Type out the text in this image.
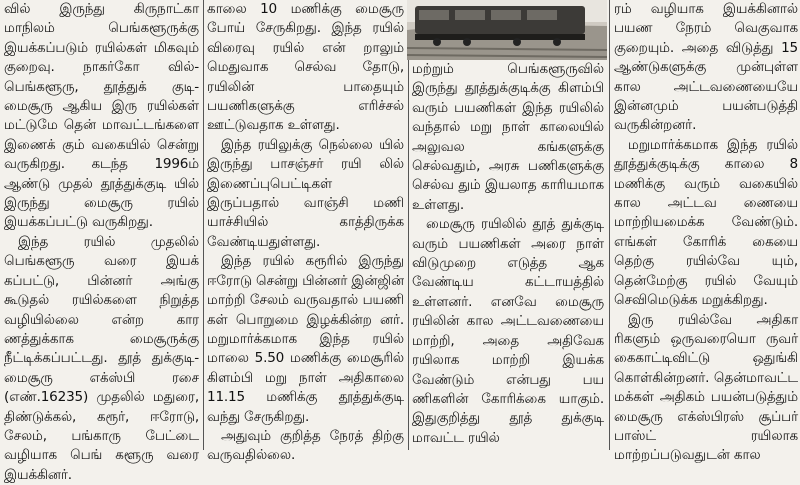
வில் இருந்து கிருநாட்கா மாநிலம் பெங்களூருக்கு இயக்கப்படும் ரயில்கள் மிகவும் குறைவு. நாகர்கோ வில்-பெங்களூரு, தூத்துக் குடி-மைசூரு ஆகிய இரு ரயில்கள் மட்டுமே தென் மாவட்டங்களை இணைக் கும் வகையில் சென்று வருகிறது. கடந்த 1996ம் ஆண்டு முதல் தூத்துக்குடி யில் இருந்து மைசூரு ரயில் இயக்கப்பட்டு வருகிறது.

இந்த ரயில் முதலில் பெங்களூரு வரை இயக் கப்பட்டு, பின்னர் அங்கு கூடுதல் ரயில்களை நிறுத்த வழியில்லை என்ற கார ணத்துக்காக மைசூருக்கு நீட்டிக்கப்பட்டது. தூத் துக்குடி- மைசூரு எக்ஸ்பி ரசை (எண்.16235) முதலில் மதுரை, திண்டுக்கல், கரூர், ஈரோடு, சேலம், பங்காரு பேட்டை வழியாக பெங் களூரு வரை இயக்கினர்.

காலை 10 மணிக்கு மைசூரு போய் சேருகிறது. இந்த ரயில் விரைவு ரயில் என் றாலும் மெதுவாக செல்வ தோடு, ரயிலின் பாதையும் பயணிகளுக்கு எரிச்சல் ஊட்டுவதாக உள்ளது.

இந்த ரயிலுக்கு நெல்லை யில் இருந்து பாசஞ்சர் ரயி லில் இணைப்புபெட்டிகள் இருப்பதால் வாஞ்சி மணி யாச்சியில் காத்திருக்க வேண்டியதுள்ளது.

இந்த ரயில் கரூரில் இருந்து ஈரோடு சென்று பின்னர் இன்ஜின் மாற்றி சேலம் வருவதால் பயணி கள் பொறுமை இழக்கின்ற னர். மறுமார்க்கமாக இந்த ரயில் மாலை 5.50 மணிக்கு மைசூரில் கிளம்பி மறு நாள் அதிகாலை 11.15 மணிக்கு தூத்துக்குடி வந்து சேருகிறது.

அதுவும் குறித்த நேரத் திற்கு வருவதில்லை.

மற்றும் பெங்களூருவில் இருந்து தூத்துக்குடிக்கு கிளம்பி வரும் பயணிகள் இந்த ரயிலில் வந்தால் மறு நாள் காலையில் அலுவல கங்களுக்கு செல்வதும், அரசு பணிகளுக்கு செல்வ தும் இயலாத காரியமாக உள்ளது.

மைசூரு ரயிலில் தூத் துக்குடி வரும் பயணிகள் அரை நாள் விடுமுறை எடுத்த ஆக வேண்டிய கட்டாயத்தில் உள்ளனர். எனவே மைசூரு ரயிலின் கால அட்டவணையை மாற்றி, அதை அதிவேக ரயிலாக மாற்றி இயக்க வேண்டும் என்பது பய ணிகளின் கோரிக்கை யாகும். இதுகுறித்து தூத் துக்குடி மாவட்ட ரயில்

ரம் வழியாக இயக்கினால் பயண நேரம் வெகுவாக குறையும். அதை விடுத்து 15 ஆண்டுகளுக்கு முன்புள்ள கால அட்டவணையையே இன்னமும் பயன்படுத்தி வருகின்றனர்.

மறுமார்க்கமாக இந்த ரயில் தூத்துக்குடிக்கு காலை 8 மணிக்கு வரும் வகையில் கால அட்டவ ணையை மாற்றியமைக்க வேண்டும். எங்கள் கோரிக் கையை தெற்கு ரயில்வே யும், தென்மேற்கு ரயில் வேயும் செவிமெடுக்க மறுக்கிறது.

இரு ரயில்வே அதிகா ரிகளும் ஒருவரையொ ருவர் கைகாட்டிவிட்டு ஒதுங்கி கொள்கின்றனர். தென்மாவட்ட மக்கள் அதிகம் பயன்படுத்தும் மைசூரு எக்ஸ்பிரஸ் சூப்பர் பாஸ்ட் ரயிலாக மாற்றப்படுவதுடன் கால
